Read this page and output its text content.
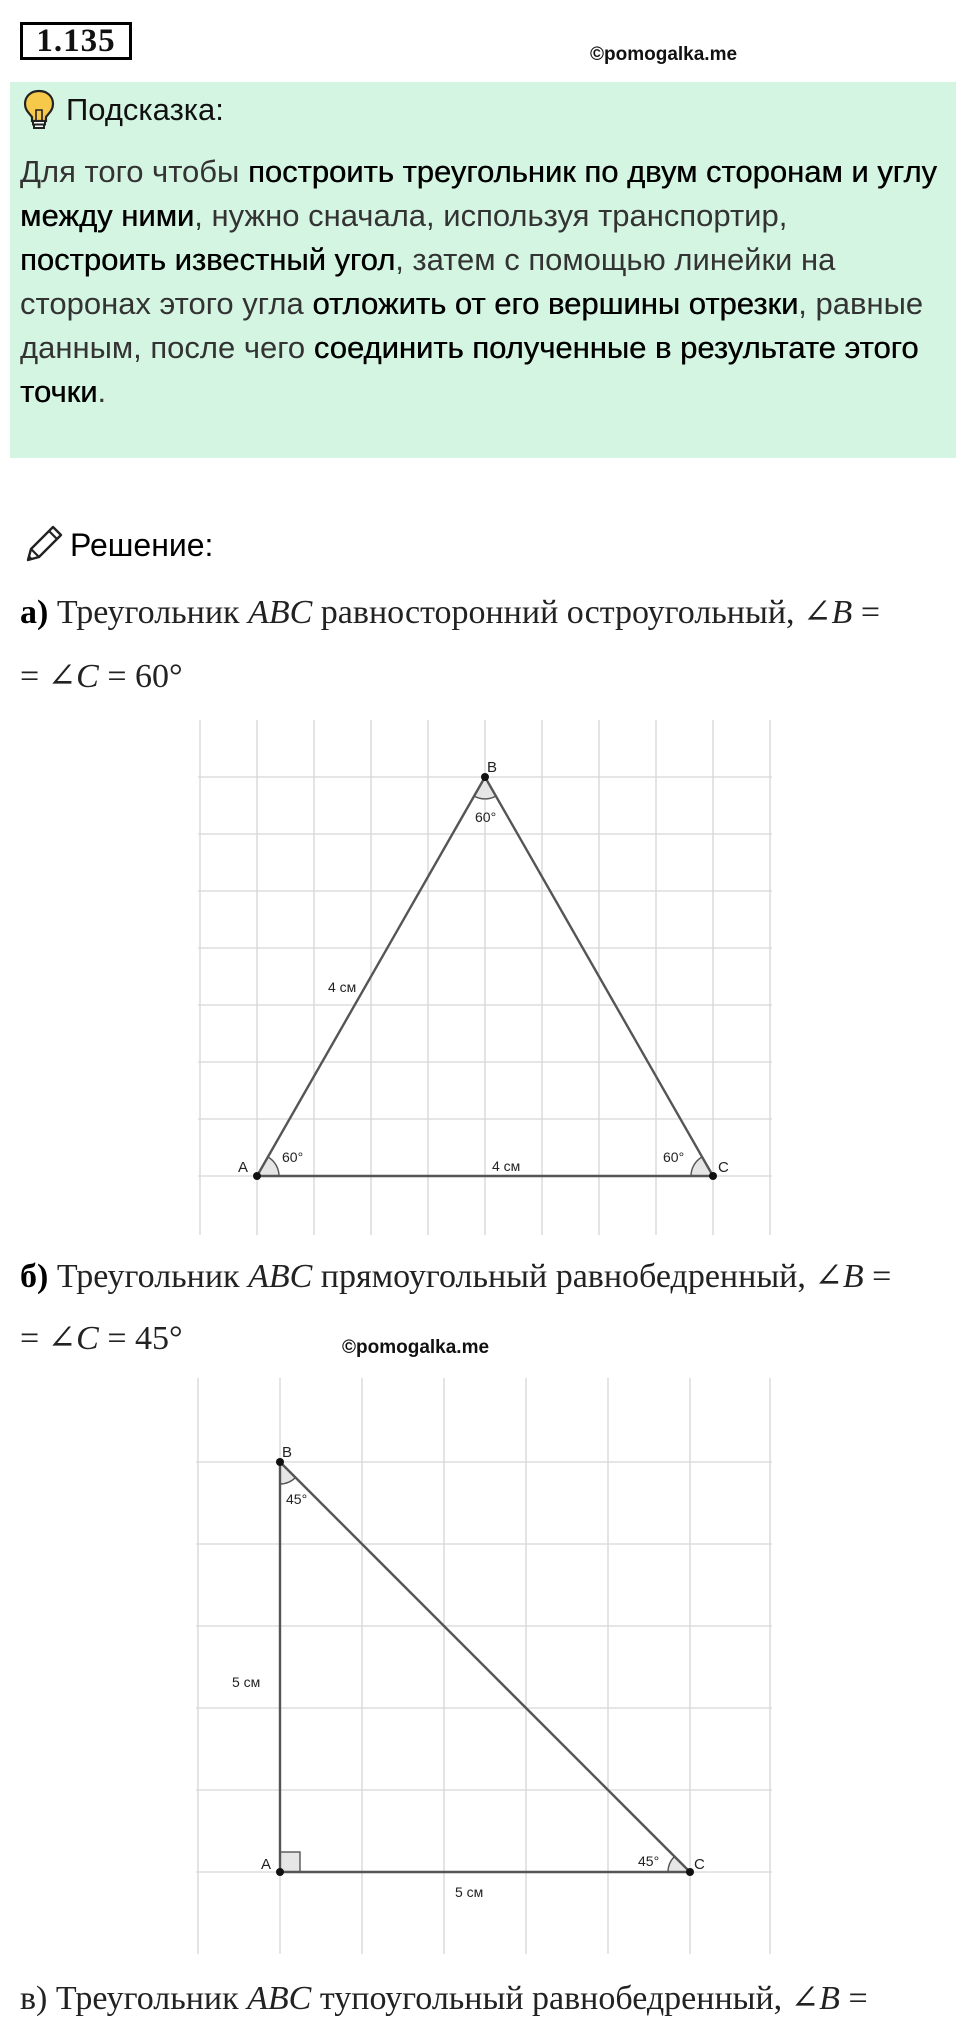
1.135	©pomogalka.me
Подсказка:
Для того чтобы построить треугольник по двум сторонам и углу между ними, нужно сначала, используя транспортир, построить известный угол, затем с помощью линейки на сторонах этого угла отложить от его вершины отрезки, равные данным, после чего соединить полученные в результате этого точки.
Решение:
а) Треугольник ABC равносторонний остроугольный, ∠B =
= ∠C = 60°
A
B
C
60°
60°
60°
4 см
4 см
б) Треугольник ABC прямоугольный равнобедренный, ∠B =
= ∠C = 45°	©pomogalka.me
A
B
C
45°
45°
5 см
5 см
в) Треугольник ABC тупоугольный равнобедренный, ∠B =
